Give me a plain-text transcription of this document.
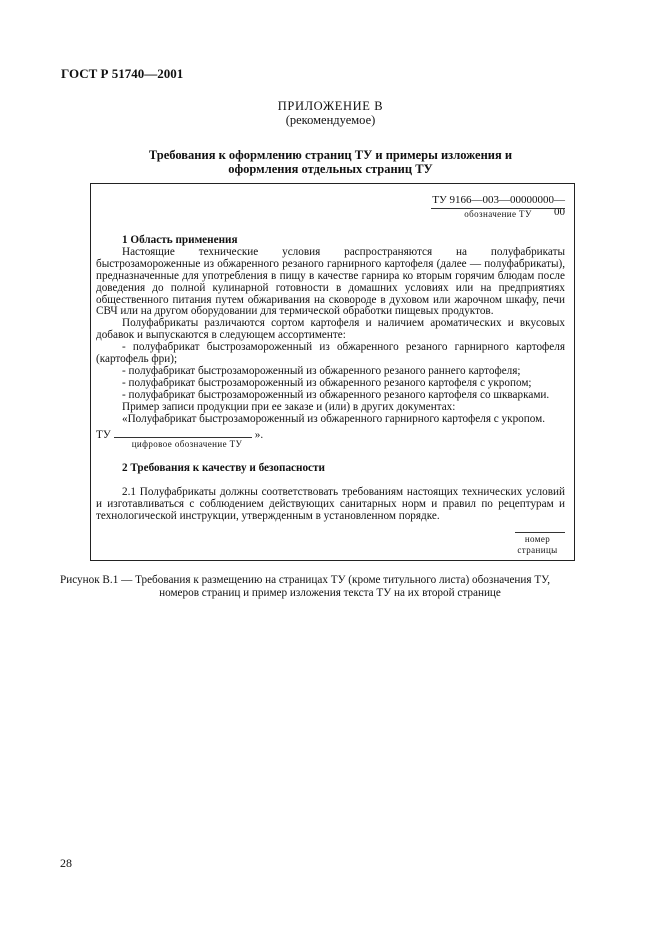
ГОСТ Р 51740—2001
ПРИЛОЖЕНИЕ В
(рекомендуемое)
Требования к оформлению страниц ТУ и примеры изложения и
оформления отдельных страниц ТУ
ТУ 9166—003—00000000—00
обозначение ТУ

1 Область применения

Настоящие технические условия распространяются на полуфабрикаты быстрозамороженные из обжаренного резаного гарнирного картофеля (далее — полуфабрикаты), предназначенные для употребления в пищу в качестве гарнира ко вторым горячим блюдам после доведения до полной кулинарной готовности в домашних условиях или на предприятиях общественного питания путем обжаривания на сковороде в духовом или жарочном шкафу, печи СВЧ или на другом оборудовании для термической обработки пищевых продуктов.

Полуфабрикаты различаются сортом картофеля и наличием ароматических и вкусовых добавок и выпускаются в следующем ассортименте:

- полуфабрикат быстрозамороженный из обжаренного резаного гарнирного картофеля (картофель фри);

- полуфабрикат быстрозамороженный из обжаренного резаного раннего картофеля;

- полуфабрикат быстрозамороженный из обжаренного резаного картофеля с укропом;

- полуфабрикат быстрозамороженный из обжаренного резаного картофеля со шкварками.

Пример записи продукции при ее заказе и (или) в других документах:

«Полуфабрикат быстрозамороженный из обжаренного гарнирного картофеля с укропом.

ТУ	».
цифровое обозначение ТУ
2 Требования к качеству и безопасности

2.1 Полуфабрикаты должны соответствовать требованиям настоящих технических условий и изготавливаться с соблюдением действующих санитарных норм и правил по рецептурам и технологической инструкции, утвержденным в установленном порядке.

номер
страницы
Рисунок В.1 — Требования к размещению на страницах ТУ (кроме титульного листа) обозначения ТУ,
номеров страниц и пример изложения текста ТУ на их второй странице
28
